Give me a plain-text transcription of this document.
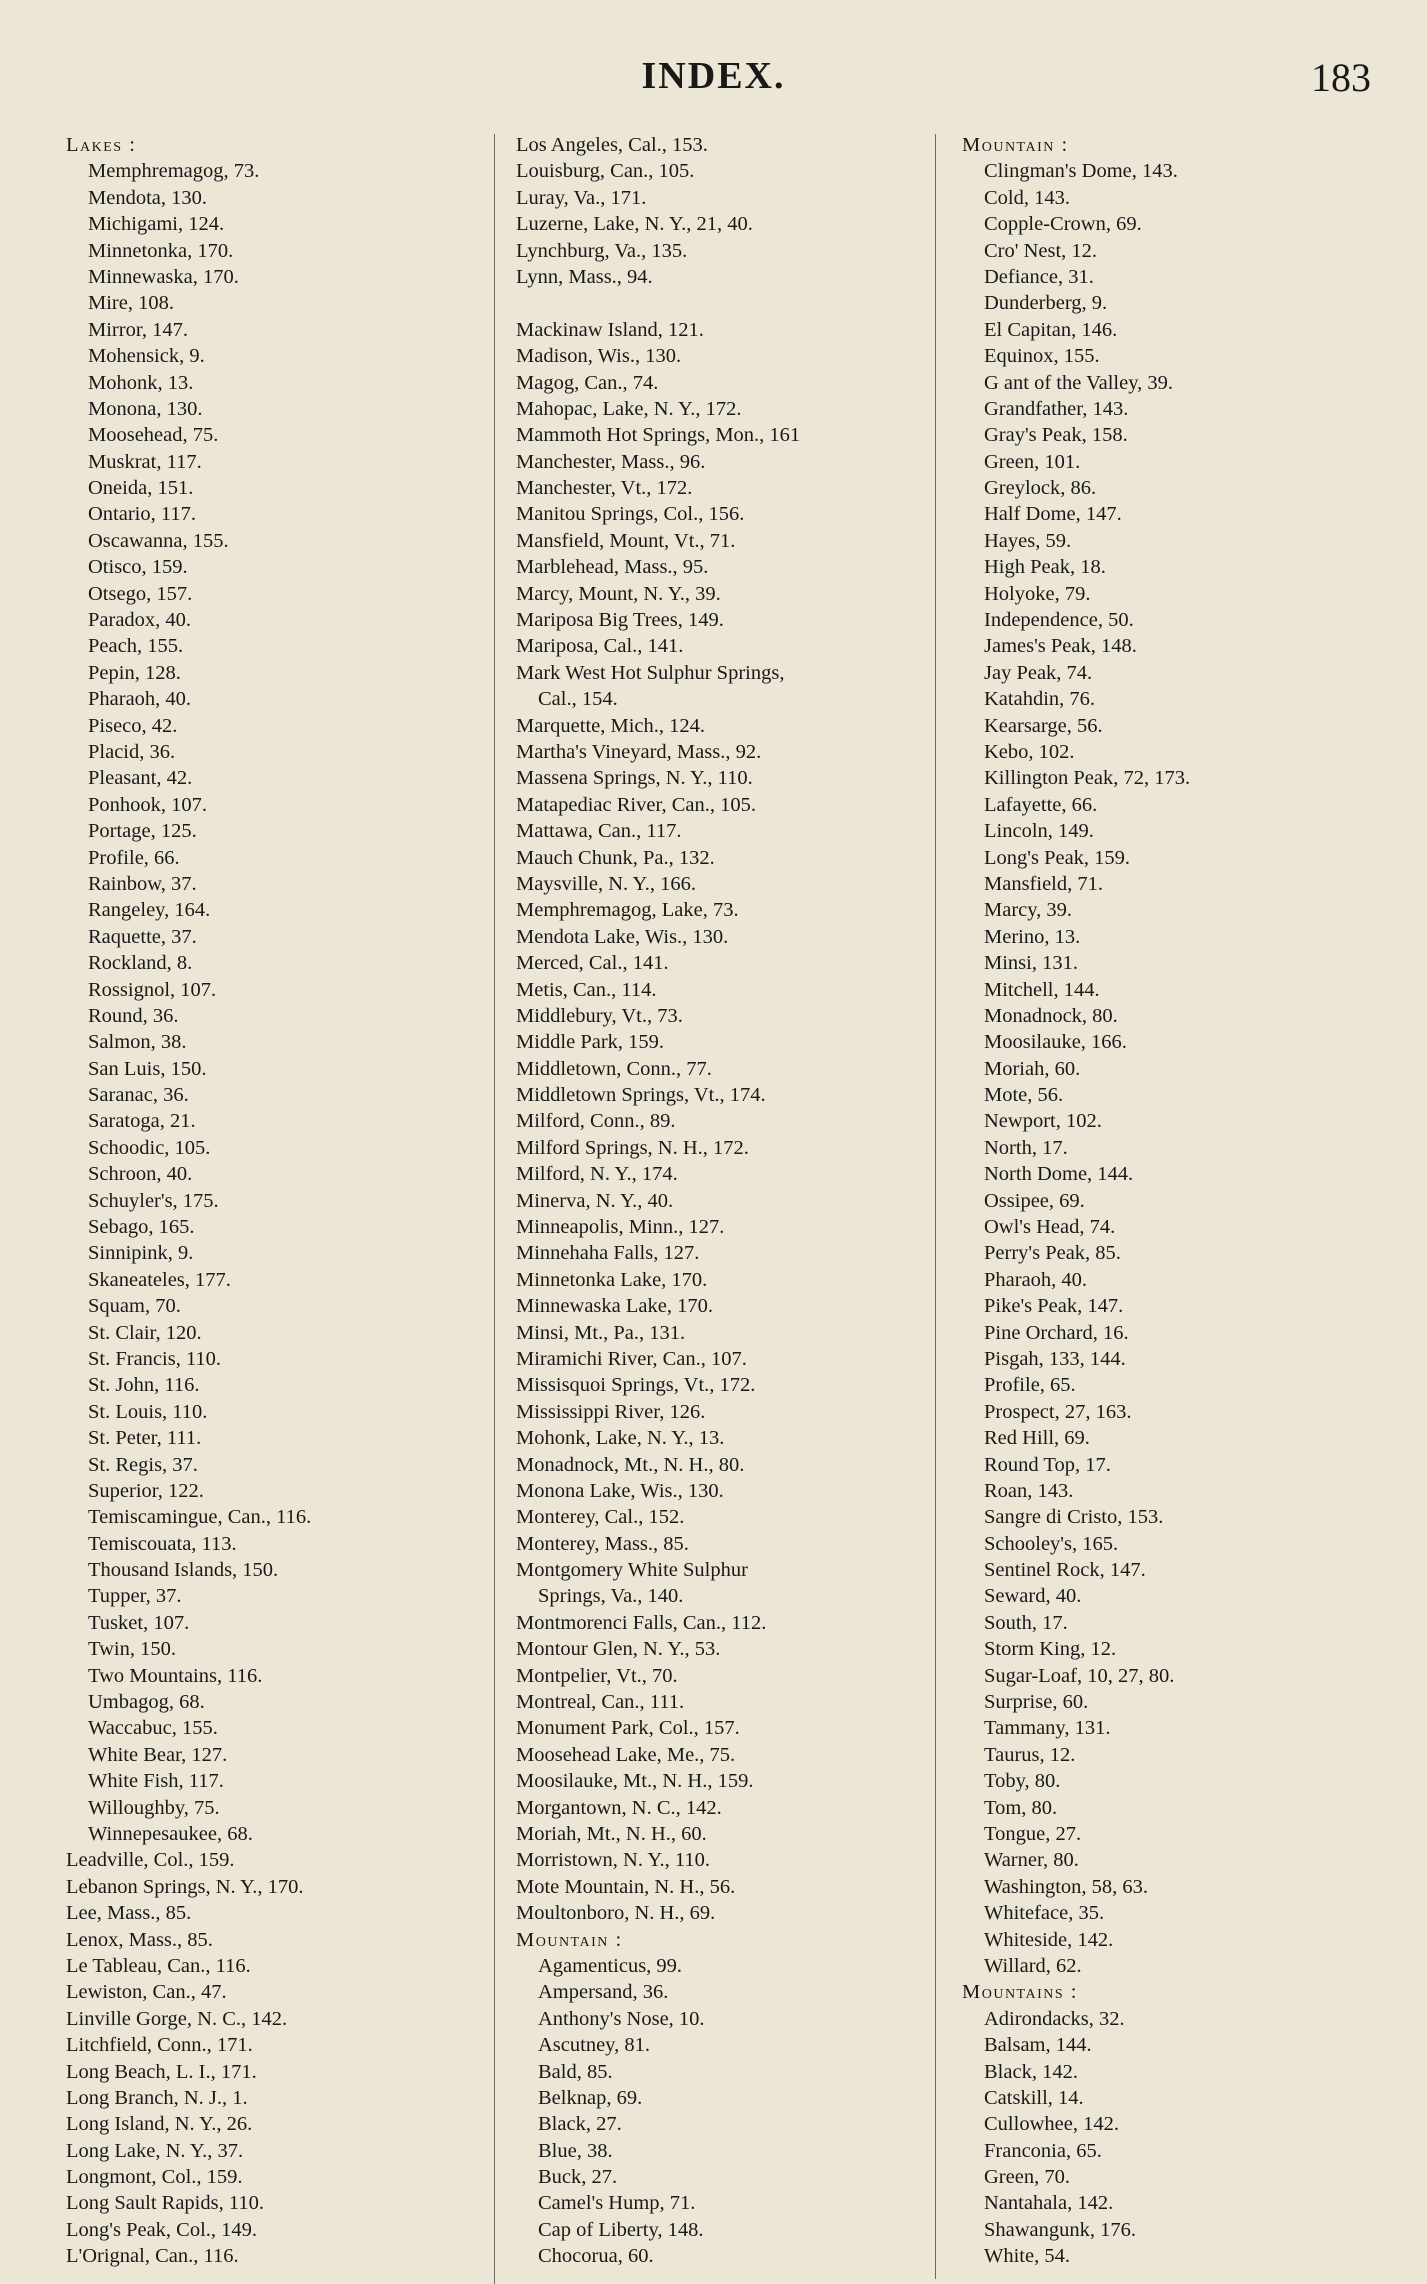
INDEX.	183
Lakes :
Memphremagog, 73.
Mendota, 130.
Michigami, 124.
Minnetonka, 170.
Minnewaska, 170.
Mire, 108.
Mirror, 147.
Mohensick, 9.
Mohonk, 13.
Monona, 130.
Moosehead, 75.
Muskrat, 117.
Oneida, 151.
Ontario, 117.
Oscawanna, 155.
Otisco, 159.
Otsego, 157.
Paradox, 40.
Peach, 155.
Pepin, 128.
Pharaoh, 40.
Piseco, 42.
Placid, 36.
Pleasant, 42.
Ponhook, 107.
Portage, 125.
Profile, 66.
Rainbow, 37.
Rangeley, 164.
Raquette, 37.
Rockland, 8.
Rossignol, 107.
Round, 36.
Salmon, 38.
San Luis, 150.
Saranac, 36.
Saratoga, 21.
Schoodic, 105.
Schroon, 40.
Schuyler's, 175.
Sebago, 165.
Sinnipink, 9.
Skaneateles, 177.
Squam, 70.
St. Clair, 120.
St. Francis, 110.
St. John, 116.
St. Louis, 110.
St. Peter, 111.
St. Regis, 37.
Superior, 122.
Temiscamingue, Can., 116.
Temiscouata, 113.
Thousand Islands, 150.
Tupper, 37.
Tusket, 107.
Twin, 150.
Two Mountains, 116.
Umbagog, 68.
Waccabuc, 155.
White Bear, 127.
White Fish, 117.
Willoughby, 75.
Winnepesaukee, 68.
Leadville, Col., 159.
Lebanon Springs, N. Y., 170.
Lee, Mass., 85.
Lenox, Mass., 85.
Le Tableau, Can., 116.
Lewiston, Can., 47.
Linville Gorge, N. C., 142.
Litchfield, Conn., 171.
Long Beach, L. I., 171.
Long Branch, N. J., 1.
Long Island, N. Y., 26.
Long Lake, N. Y., 37.
Longmont, Col., 159.
Long Sault Rapids, 110.
Long's Peak, Col., 149.
L'Orignal, Can., 116.
Los Angeles, Cal., 153.
Louisburg, Can., 105.
Luray, Va., 171.
Luzerne, Lake, N. Y., 21, 40.
Lynchburg, Va., 135.
Lynn, Mass., 94.
Mackinaw Island, 121.
Madison, Wis., 130.
Magog, Can., 74.
Mahopac, Lake, N. Y., 172.
Mammoth Hot Springs, Mon., 161
Manchester, Mass., 96.
Manchester, Vt., 172.
Manitou Springs, Col., 156.
Mansfield, Mount, Vt., 71.
Marblehead, Mass., 95.
Marcy, Mount, N. Y., 39.
Mariposa Big Trees, 149.
Mariposa, Cal., 141.
Mark West Hot Sulphur Springs,
Cal., 154.
Marquette, Mich., 124.
Martha's Vineyard, Mass., 92.
Massena Springs, N. Y., 110.
Matapediac River, Can., 105.
Mattawa, Can., 117.
Mauch Chunk, Pa., 132.
Maysville, N. Y., 166.
Memphremagog, Lake, 73.
Mendota Lake, Wis., 130.
Merced, Cal., 141.
Metis, Can., 114.
Middlebury, Vt., 73.
Middle Park, 159.
Middletown, Conn., 77.
Middletown Springs, Vt., 174.
Milford, Conn., 89.
Milford Springs, N. H., 172.
Milford, N. Y., 174.
Minerva, N. Y., 40.
Minneapolis, Minn., 127.
Minnehaha Falls, 127.
Minnetonka Lake, 170.
Minnewaska Lake, 170.
Minsi, Mt., Pa., 131.
Miramichi River, Can., 107.
Missisquoi Springs, Vt., 172.
Mississippi River, 126.
Mohonk, Lake, N. Y., 13.
Monadnock, Mt., N. H., 80.
Monona Lake, Wis., 130.
Monterey, Cal., 152.
Monterey, Mass., 85.
Montgomery White Sulphur
Springs, Va., 140.
Montmorenci Falls, Can., 112.
Montour Glen, N. Y., 53.
Montpelier, Vt., 70.
Montreal, Can., 111.
Monument Park, Col., 157.
Moosehead Lake, Me., 75.
Moosilauke, Mt., N. H., 159.
Morgantown, N. C., 142.
Moriah, Mt., N. H., 60.
Morristown, N. Y., 110.
Mote Mountain, N. H., 56.
Moultonboro, N. H., 69.
Mountain :
Agamenticus, 99.
Ampersand, 36.
Anthony's Nose, 10.
Ascutney, 81.
Bald, 85.
Belknap, 69.
Black, 27.
Blue, 38.
Buck, 27.
Camel's Hump, 71.
Cap of Liberty, 148.
Chocorua, 60.
Mountain :
Clingman's Dome, 143.
Cold, 143.
Copple-Crown, 69.
Cro' Nest, 12.
Defiance, 31.
Dunderberg, 9.
El Capitan, 146.
Equinox, 155.
G ant of the Valley, 39.
Grandfather, 143.
Gray's Peak, 158.
Green, 101.
Greylock, 86.
Half Dome, 147.
Hayes, 59.
High Peak, 18.
Holyoke, 79.
Independence, 50.
James's Peak, 148.
Jay Peak, 74.
Katahdin, 76.
Kearsarge, 56.
Kebo, 102.
Killington Peak, 72, 173.
Lafayette, 66.
Lincoln, 149.
Long's Peak, 159.
Mansfield, 71.
Marcy, 39.
Merino, 13.
Minsi, 131.
Mitchell, 144.
Monadnock, 80.
Moosilauke, 166.
Moriah, 60.
Mote, 56.
Newport, 102.
North, 17.
North Dome, 144.
Ossipee, 69.
Owl's Head, 74.
Perry's Peak, 85.
Pharaoh, 40.
Pike's Peak, 147.
Pine Orchard, 16.
Pisgah, 133, 144.
Profile, 65.
Prospect, 27, 163.
Red Hill, 69.
Round Top, 17.
Roan, 143.
Sangre di Cristo, 153.
Schooley's, 165.
Sentinel Rock, 147.
Seward, 40.
South, 17.
Storm King, 12.
Sugar-Loaf, 10, 27, 80.
Surprise, 60.
Tammany, 131.
Taurus, 12.
Toby, 80.
Tom, 80.
Tongue, 27.
Warner, 80.
Washington, 58, 63.
Whiteface, 35.
Whiteside, 142.
Willard, 62.
Mountains :
Adirondacks, 32.
Balsam, 144.
Black, 142.
Catskill, 14.
Cullowhee, 142.
Franconia, 65.
Green, 70.
Nantahala, 142.
Shawangunk, 176.
White, 54.
